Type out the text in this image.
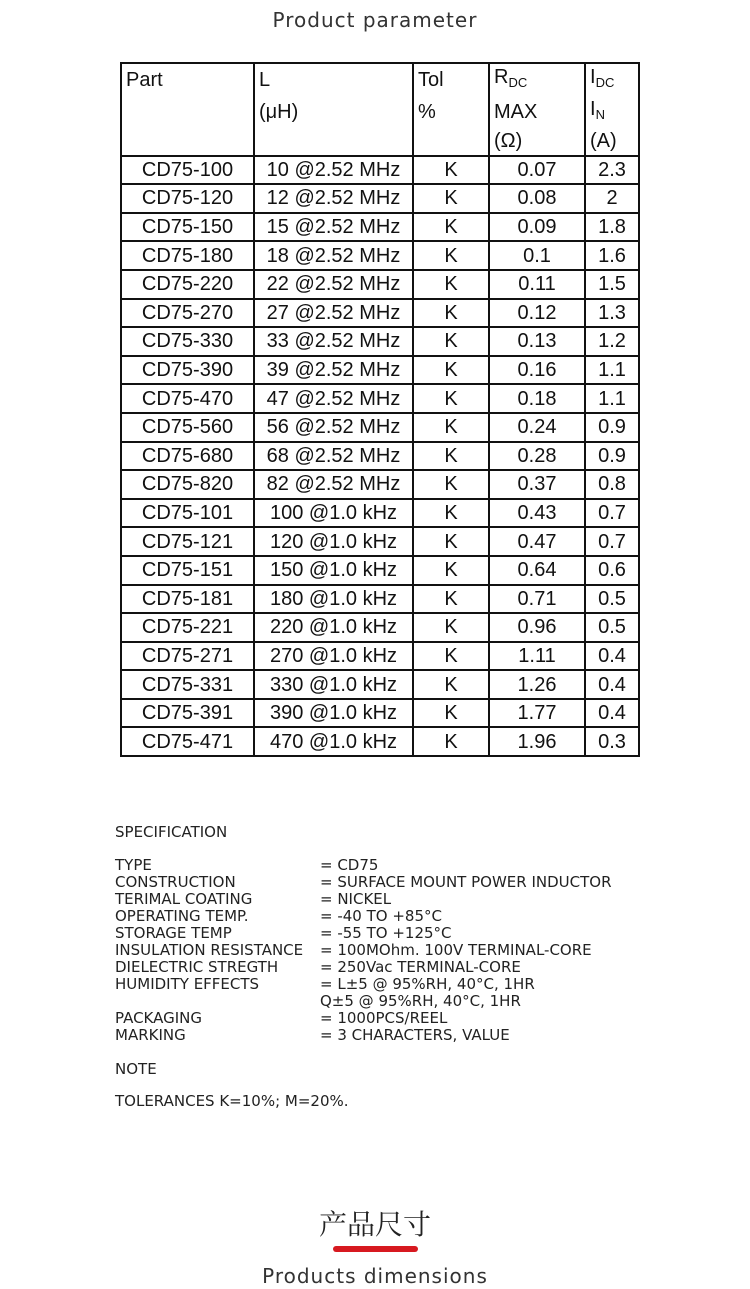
Product parameter
Part	L	Tol	$R_{DC}$	$I_{DC}$
	(μH)	%	MAX	$I_N$
			(Ω)	(A)
CD75-100	10 @2.52 MHz	K	0.07	2.3
CD75-120	12 @2.52 MHz	K	0.08	2
CD75-150	15 @2.52 MHz	K	0.09	1.8
CD75-180	18 @2.52 MHz	K	0.1	1.6
CD75-220	22 @2.52 MHz	K	0.11	1.5
CD75-270	27 @2.52 MHz	K	0.12	1.3
CD75-330	33 @2.52 MHz	K	0.13	1.2
CD75-390	39 @2.52 MHz	K	0.16	1.1
CD75-470	47 @2.52 MHz	K	0.18	1.1
CD75-560	56 @2.52 MHz	K	0.24	0.9
CD75-680	68 @2.52 MHz	K	0.28	0.9
CD75-820	82 @2.52 MHz	K	0.37	0.8
CD75-101	100 @1.0 kHz	K	0.43	0.7
CD75-121	120 @1.0 kHz	K	0.47	0.7
CD75-151	150 @1.0 kHz	K	0.64	0.6
CD75-181	180 @1.0 kHz	K	0.71	0.5
CD75-221	220 @1.0 kHz	K	0.96	0.5
CD75-271	270 @1.0 kHz	K	1.11	0.4
CD75-331	330 @1.0 kHz	K	1.26	0.4
CD75-391	390 @1.0 kHz	K	1.77	0.4
CD75-471	470 @1.0 kHz	K	1.96	0.3
SPECIFICATION
TYPE	= CD75
CONSTRUCTION	= SURFACE MOUNT POWER INDUCTOR
TERIMAL COATING	= NICKEL
OPERATING TEMP.	= -40 TO +85°C
STORAGE TEMP	= -55 TO +125°C
INSULATION RESISTANCE = 100MOhm. 100V TERMINAL-CORE
DIELECTRIC STREGTH	= 250Vac TERMINAL-CORE
HUMIDITY EFFECTS	= L±5 @ 95%RH, 40°C, 1HR
Q±5 @ 95%RH, 40°C, 1HR
PACKAGING	= 1000PCS/REEL
MARKING	= 3 CHARACTERS, VALUE
NOTE
TOLERANCES K=10%; M=20%.
产品尺寸
Products dimensions
